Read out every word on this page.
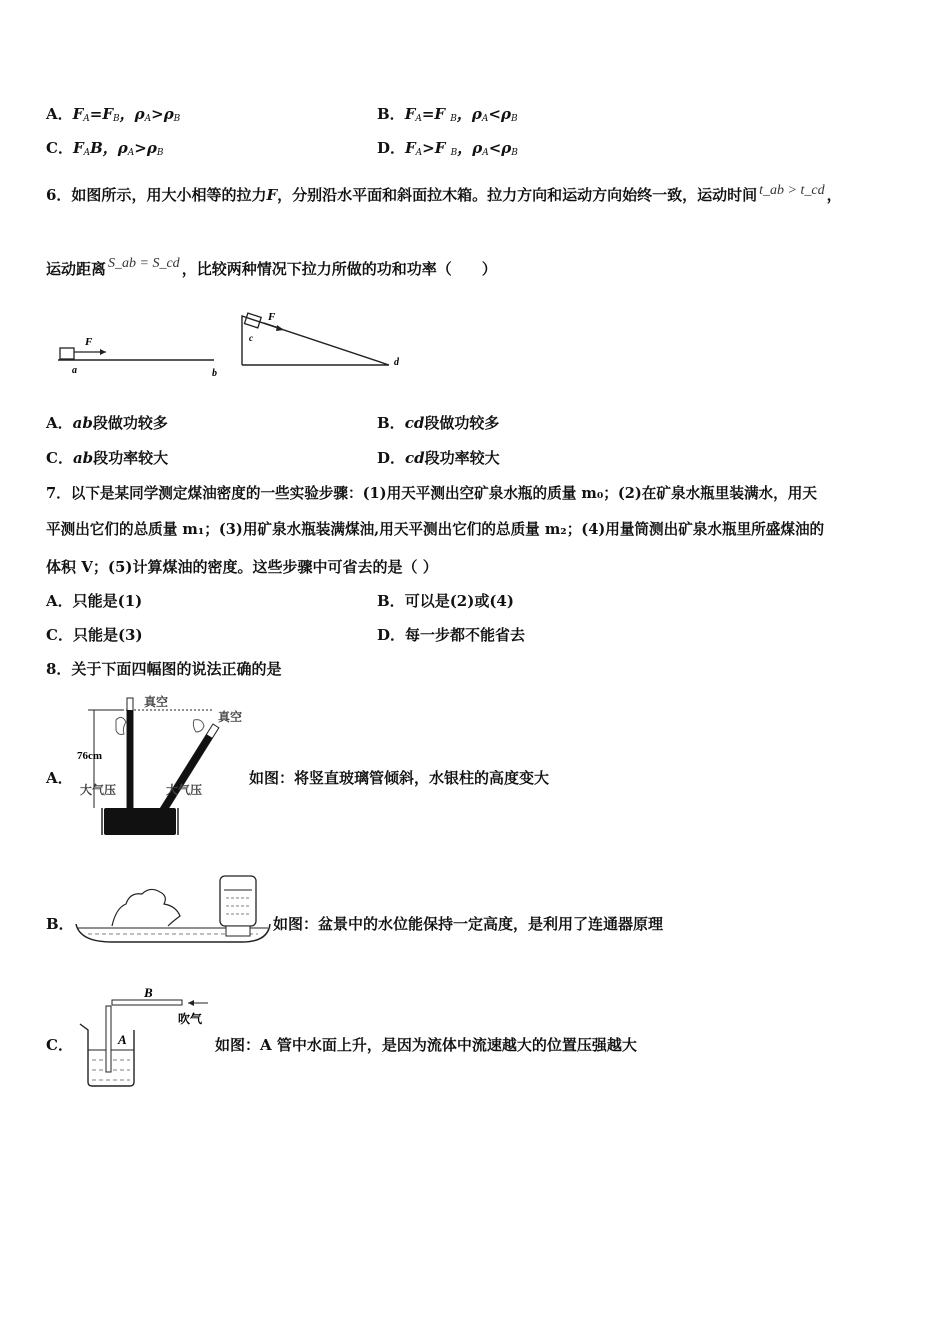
A．$F_A=F_B$，$\rho_A>\rho_B$	B．$F_A=F$ $_B$，$\rho_A<\rho_B$
C．$F_AB$，$\rho_A>\rho_B$	D．$F_A>F$ $_B$，$\rho_A<\rho_B$
6．如图所示，用大小相等的拉力F，分别沿水平面和斜面拉木箱。拉力方向和运动方向始终一致，运动时间 t_ab > t_cd ，
运动距离 S_ab = S_cd ，比较两种情况下拉力所做的功和功率（　　）
F
a	b
F
c
d
A．ab段做功较多	B．cd段做功较多
C．ab段功率较大	D．cd段功率较大
7．以下是某同学测定煤油密度的一些实验步骤：(1)用天平测出空矿泉水瓶的质量 m₀；(2)在矿泉水瓶里装满水，用天
平测出它们的总质量 m₁；(3)用矿泉水瓶装满煤油,用天平测出它们的总质量 m₂；(4)用量筒测出矿泉水瓶里所盛煤油的
体积 V；(5)计算煤油的密度。这些步骤中可省去的是（ ）
A．只能是(1)	B．可以是(2)或(4)
C．只能是(3)	D．每一步都不能省去
8．关于下面四幅图的说法正确的是
A．
76cm
大气压
真空
真空
大气压
如图：将竖直玻璃管倾斜，水银柱的高度变大
B．	如图：盆景中的水位能保持一定高度，是利用了连通器原理
C．
B
吹气
A	如图：A 管中水面上升，是因为流体中流速越大的位置压强越大
